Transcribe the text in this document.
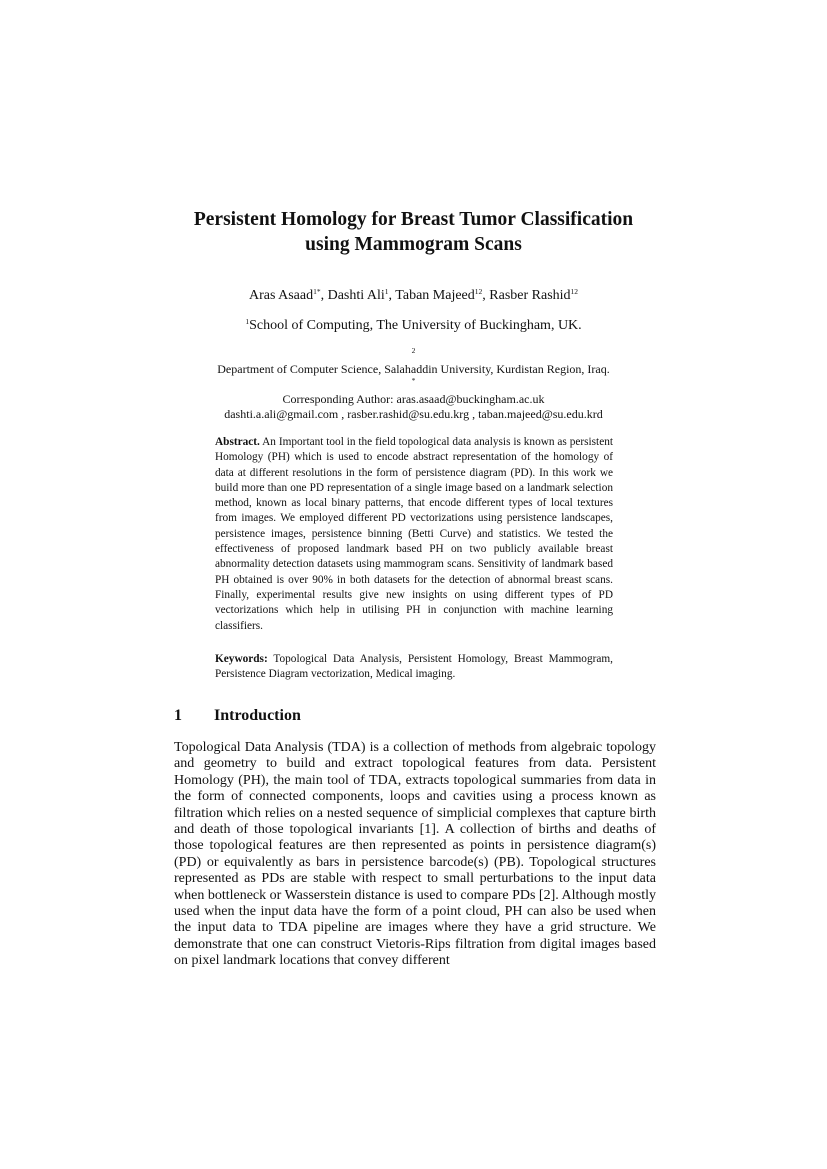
Persistent Homology for Breast Tumor Classification
using Mammogram Scans
Aras Asaad$^{1*}$, Dashti Ali$^1$, Taban Majeed$^{12}$, Rasber Rashid$^{12}$
$^1$School of Computing, The University of Buckingham, UK.
$^2$
Department of Computer Science, Salahaddin University, Kurdistan Region, Iraq.
*
Corresponding Author: aras.asaad@buckingham.ac.uk
dashti.a.ali@gmail.com , rasber.rashid@su.edu.krg , taban.majeed@su.edu.krd
Abstract. An Important tool in the field topological data analysis is known as persistent Homology (PH) which is used to encode abstract representation of the homology of data at different resolutions in the form of persistence diagram (PD). In this work we build more than one PD representation of a single image based on a landmark selection method, known as local binary patterns, that encode different types of local textures from images. We employed different PD vectorizations using persistence landscapes, persistence images, persistence binning (Betti Curve) and statistics. We tested the effectiveness of proposed landmark based PH on two publicly available breast abnormality detection datasets using mammogram scans. Sensitivity of landmark based PH obtained is over 90% in both datasets for the detection of abnormal breast scans. Finally, experimental results give new insights on using different types of PD vectorizations which help in utilising PH in conjunction with machine learning classifiers.
Keywords: Topological Data Analysis, Persistent Homology, Breast Mammogram, Persistence Diagram vectorization, Medical imaging.
1 Introduction
Topological Data Analysis (TDA) is a collection of methods from algebraic topology and geometry to build and extract topological features from data. Persistent Homology (PH), the main tool of TDA, extracts topological summaries from data in the form of connected components, loops and cavities using a process known as filtration which relies on a nested sequence of simplicial complexes that capture birth and death of those topological invariants [1]. A collection of births and deaths of those topological features are then represented as points in persistence diagram(s) (PD) or equivalently as bars in persistence barcode(s) (PB). Topological structures represented as PDs are stable with respect to small perturbations to the input data when bottleneck or Wasserstein distance is used to compare PDs [2]. Although mostly used when the input data have the form of a point cloud, PH can also be used when the input data to TDA pipeline are images where they have a grid structure. We demonstrate that one can construct Vietoris-Rips filtration from digital images based on pixel landmark locations that convey different
